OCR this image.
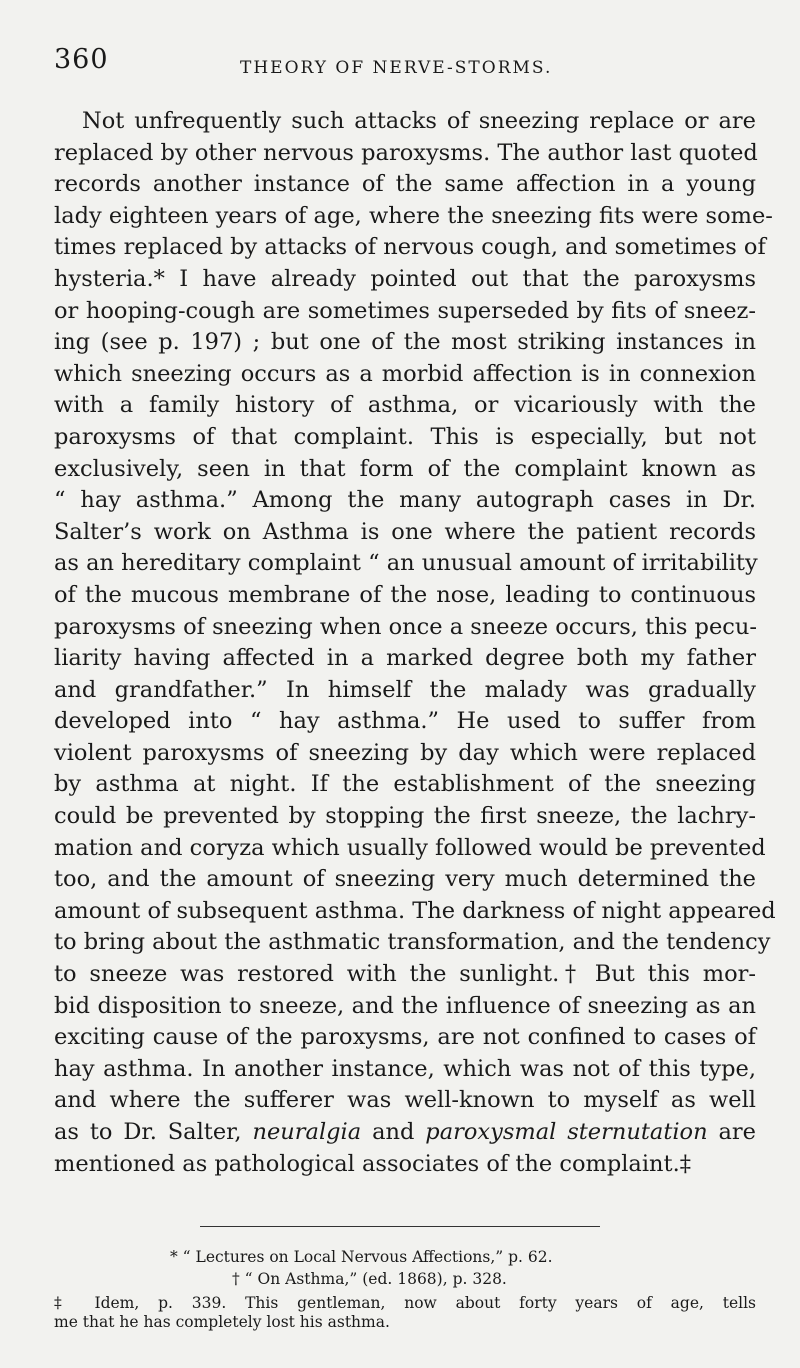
360	THEORY OF NERVE-STORMS.
Not unfrequently such attacks of sneezing replace or are
replaced by other nervous paroxysms. The author last quoted
records another instance of the same affection in a young
lady eighteen years of age, where the sneezing fits were some-
times replaced by attacks of nervous cough, and sometimes of
hysteria.* I have already pointed out that the paroxysms
or hooping-cough are sometimes superseded by fits of sneez-
ing (see p. 197) ; but one of the most striking instances in
which sneezing occurs as a morbid affection is in connexion
with a family history of asthma, or vicariously with the
paroxysms of that complaint. This is especially, but not
exclusively, seen in that form of the complaint known as
“ hay asthma.” Among the many autograph cases in Dr.
Salter’s work on Asthma is one where the patient records
as an hereditary complaint “ an unusual amount of irritability
of the mucous membrane of the nose, leading to continuous
paroxysms of sneezing when once a sneeze occurs, this pecu-
liarity having affected in a marked degree both my father
and grandfather.” In himself the malady was gradually
developed into “ hay asthma.” He used to suffer from
violent paroxysms of sneezing by day which were replaced
by asthma at night. If the establishment of the sneezing
could be prevented by stopping the first sneeze, the lachry-
mation and coryza which usually followed would be prevented
too, and the amount of sneezing very much determined the
amount of subsequent asthma. The darkness of night appeared
to bring about the asthmatic transformation, and the tendency
to sneeze was restored with the sunlight.† But this mor-
bid disposition to sneeze, and the influence of sneezing as an
exciting cause of the paroxysms, are not confined to cases of
hay asthma. In another instance, which was not of this type,
and where the sufferer was well-known to myself as well
as to Dr. Salter, neuralgia and paroxysmal sternutation are
mentioned as pathological associates of the complaint.‡
* “ Lectures on Local Nervous Affections,” p. 62.
† “ On Asthma,” (ed. 1868), p. 328.
‡ Idem, p. 339. This gentleman, now about forty years of age, tells
me that he has completely lost his asthma.
